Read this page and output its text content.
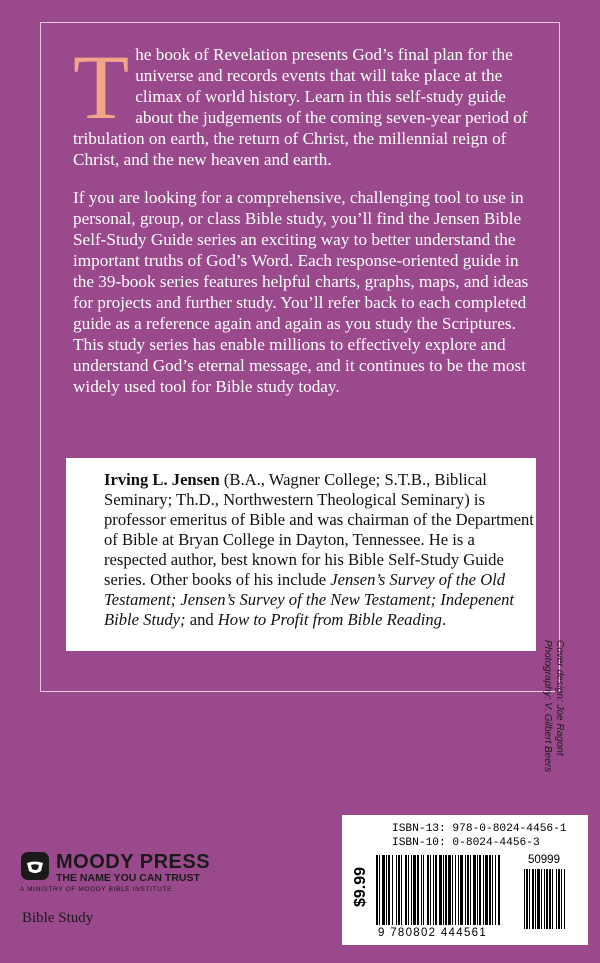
The book of Revelation presents God’s final plan for the universe and records events that will take place at the climax of world history. Learn in this self-study guide about the judgements of the coming seven-year period of tribulation on earth, the return of Christ, the millennial reign of Christ, and the new heaven and earth.

If you are looking for a comprehensive, challenging tool to use in personal, group, or class Bible study, you’ll find the Jensen Bible Self-Study Guide series an exciting way to better understand the important truths of God’s Word. Each response-oriented guide in the 39-book series features helpful charts, graphs, maps, and ideas for projects and further study. You’ll refer back to each completed guide as a reference again and again as you study the Scriptures. This study series has enable millions to effectively explore and understand God’s eternal message, and it continues to be the most widely used tool for Bible study today.

Irving L. Jensen (B.A., Wagner College; S.T.B., Biblical Seminary; Th.D., Northwestern Theological Seminary) is professor emeritus of Bible and was chairman of the Department of Bible at Bryan College in Dayton, Tennessee. He is a respected author, best known for his Bible Self-Study Guide series. Other books of his include Jensen’s Survey of the Old Testament; Jensen’s Survey of the New Testament; Indepenent Bible Study; and How to Profit from Bible Reading.
Cover design: Joe Ragont
Photography: V. Gilbert Beers
ISBN-13: 978-0-8024-4456-1
ISBN-10: 0-8024-4456-3
$9.99
50999
9 780802 444561
MOODY PRESS
THE NAME YOU CAN TRUST
A MINISTRY OF MOODY BIBLE INSTITUTE
Bible Study
